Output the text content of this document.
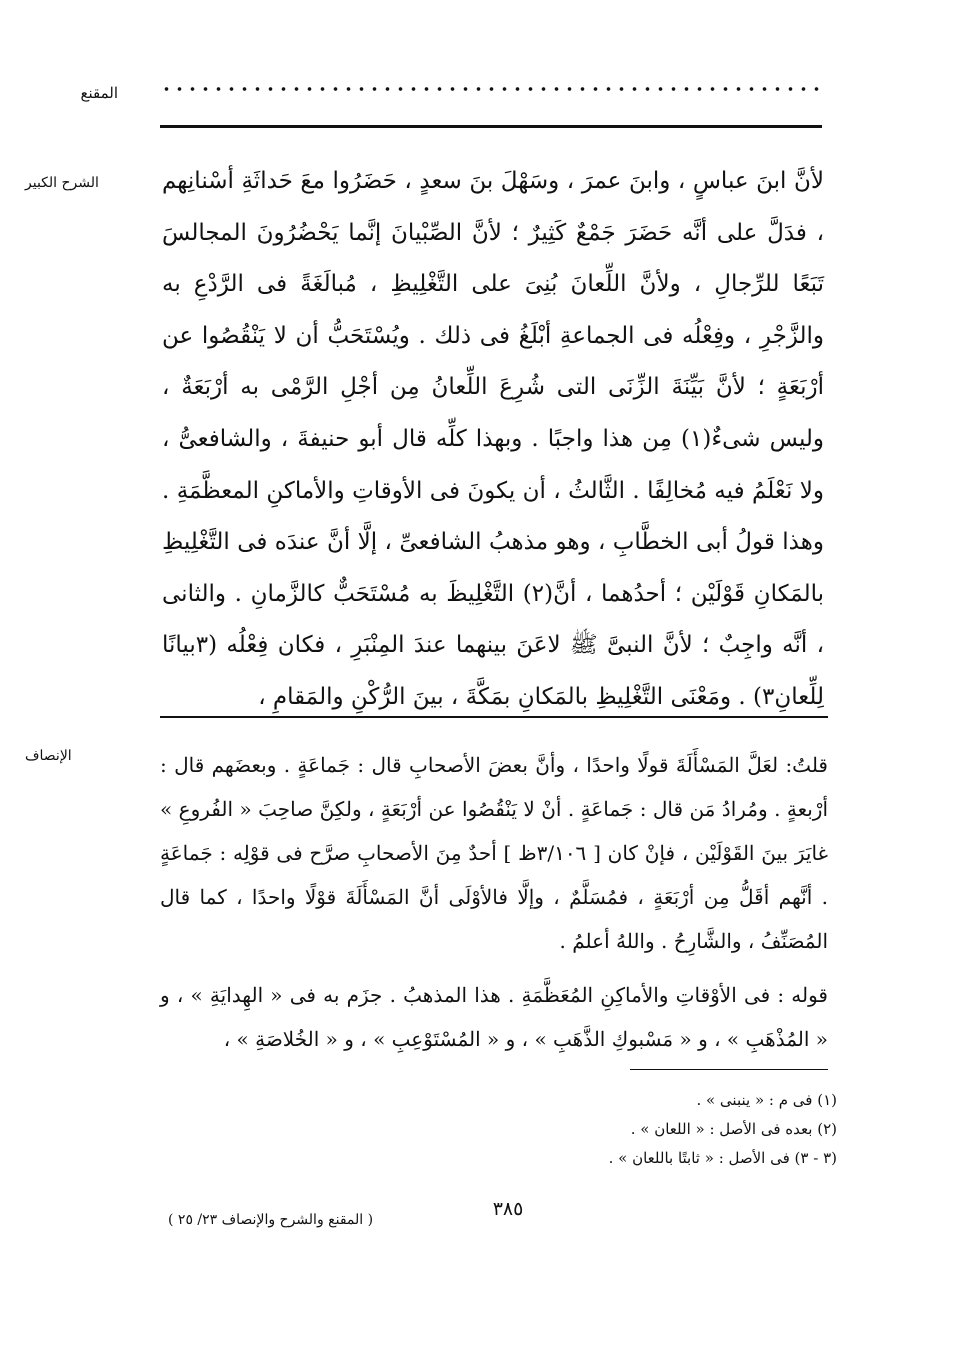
المقنع
الشرح الكبير	لأنَّ ابنَ عباسٍ ، وابنَ عمرَ ، وسَهْلَ بنَ سعدٍ ، حَضَرُوا معَ حَداثَةِ أسْنانِهم ، فدَلَّ على أنَّه حَضَرَ جَمْعٌ كَثِيرٌ ؛ لأنَّ الصِّبْيانَ إنَّما يَحْضُرُونَ المجالسَ تَبَعًا للرِّجالِ ، ولأنَّ اللِّعانَ بُنِىَ على التَّغْلِيظِ ، مُبالَغَةً فى الرَّدْعِ به والزَّجْرِ ، وفِعْلُه فى الجماعةِ أبْلَغُ فى ذلك . ويُسْتَحَبُّ أن لا يَنْقُصُوا عن أرْبَعَةٍ ؛ لأنَّ بَيِّنَةَ الزِّنَى التى شُرِعَ اللِّعانُ مِن أجْلِ الرَّمْى به أرْبَعَةٌ ، وليس شىءٌ(١) مِن هذا واجبًا . وبهذا كلِّه قال أبو حنيفةَ ، والشافعىُّ ، ولا نَعْلَمُ فيه مُخالِفًا . الثَّالثُ ، أن يكونَ فى الأوقاتِ والأماكنِ المعظَّمَةِ . وهذا قولُ أبى الخطَّابِ ، وهو مذهبُ الشافعىِّ ، إلَّا أنَّ عندَه فى التَّغْلِيظِ بالمَكانِ قَوْلَيْن ؛ أحدُهما ، أنَّ(٢) التَّغْلِيظَ به مُسْتَحَبٌّ كالزَّمانِ . والثانى ، أنَّه واجِبٌ ؛ لأنَّ النبىَّ ﷺ لاعَنَ بينهما عندَ المِنْبَرِ ، فكان فِعْلُه (٣بيانًا لِلِّعانِ٣) . ومَعْنَى التَّغْلِيظِ بالمَكانِ بمَكَّةَ ، بينَ الرُّكْنِ والمَقامِ ،
الإنصاف	قلتُ: لعَلَّ المَسْأَلَةَ قولًا واحدًا ، وأنَّ بعضَ الأصحابِ قال : جَماعَةٍ . وبعضَهم قال : أرْبعةٍ . ومُرادُ مَن قال : جَماعَةٍ . أنْ لا يَنْقُصُوا عن أرْبَعَةٍ ، ولكِنَّ صاحِبَ « الفُروعِ » غايَرَ بينَ القَوْلَيْن ، فإنْ كان [ ٣/١٠٦ظ ] أحدٌ مِنَ الأصحابِ صرَّح فى قوْلِه : جَماعَةٍ . أنَّهم أقَلُّ مِن أرْبَعَةٍ ، فمُسَلَّمٌ ، وإلَّا فالأوْلَى أنَّ المَسْأَلَةَ قوْلًا واحدًا ، كما قال المُصَنِّفُ ، والشَّارِحُ . واللهُ أعلمُ .

قوله : فى الأوْقاتِ والأماكِنِ المُعَظَّمَةِ . هذا المذهبُ . جزَم به فى « الهِدايَةِ » ، و « المُذْهَبِ » ، و « مَسْبوكِ الذَّهَبِ » ، و « المُسْتَوْعِبِ » ، و « الخُلاصَةِ » ،

(١) فى م : « ينبنى » .
(٢) بعده فى الأصل : « اللعان » .
(٣ - ٣) فى الأصل : « ثابتًا باللعان » .
٣٨٥
( المقنع والشرح والإنصاف ٢٣/ ٢٥ )
